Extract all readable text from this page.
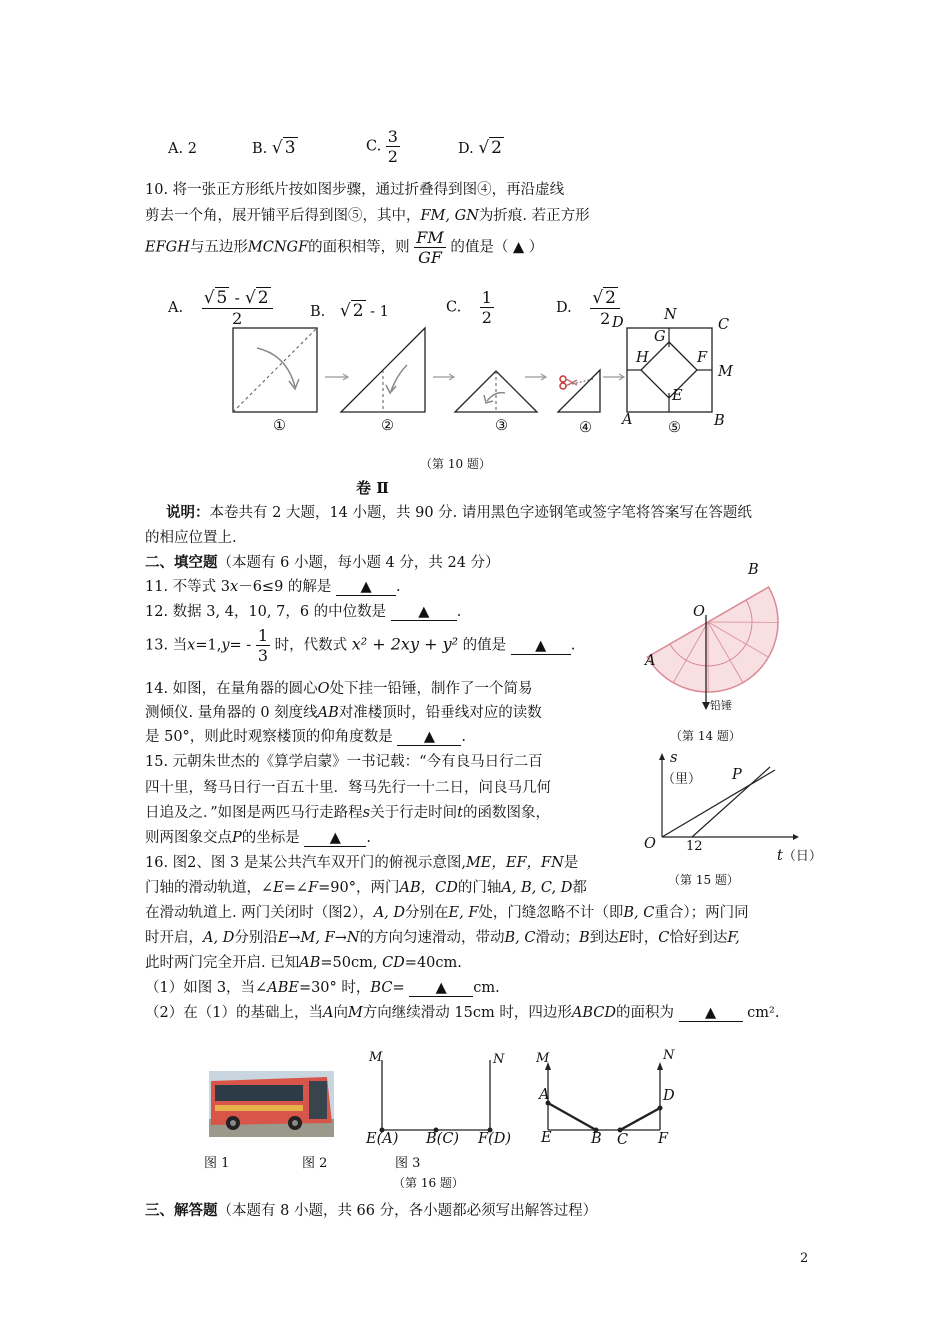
A. 2	B. √ 3	C. $\frac{3}{2}$	D. √ 2
10. 将一张正方形纸片按如图步骤，通过折叠得到图④，再沿虚线
剪去一个角，展开铺平后得到图⑤，其中，FM, GN为折痕. 若正方形
EFGH与五边形MCNGF的面积相等，则 $\frac{FM}{GF}$ 的值是（ ▲ ）
A. $\frac{√ 5 - √ 2}{2}$	B. √ 2 - 1	C. $\frac{1}{2}$	D. $\frac{√ 2}{2}$
①	②	③	④	⑤
D	N
C
G
H	F
M
E
A	B
（第 10 题）
卷 Ⅱ
说明：本卷共有 2 大题，14 小题，共 90 分. 请用黑色字迹钢笔或签字笔将答案写在答题纸
的相应位置上.
二、填空题（本题有 6 小题，每小题 4 分，共 24 分）
11. 不等式 3x－6≤9 的解是 ▲ .
12. 数据 3, 4，10, 7，6 的中位数是 ▲ .
13. 当$x=1,y= - \frac{1}{3}$ 时，代数式 x² + 2xy + y² 的值是 ▲ .
14. 如图，在量角器的圆心O处下挂一铅锤，制作了一个简易
测倾仪. 量角器的 0 刻度线AB对准楼顶时，铅垂线对应的读数
是 50°，则此时观察楼顶的仰角度数是 ▲ .
B
O
A
铅锤
（第 14 题）
15. 元朝朱世杰的《算学启蒙》一书记载：“今有良马日行二百
四十里，驽马日行一百五十里．驽马先行一十二日，问良马几何
日追及之．”如图是两匹马行走路程s关于行走时间t的函数图象，
则两图象交点P的坐标是 ▲ .
s
（里） P
O 12
t（日）
（第 15 题）
16. 图2、图 3 是某公共汽车双开门的俯视示意图,ME，EF，FN是
门轴的滑动轨道，∠E=∠F=90°，两门AB，CD的门轴A, B, C, D都
在滑动轨道上. 两门关闭时（图2），A, D分别在E, F处，门缝忽略不计（即B, C重合）；两门同
时开启，A, D分别沿E→M, F→N的方向匀速滑动，带动B, C滑动；B到达E时，C恰好到达F,
此时两门完全开启. 已知AB=50cm, CD=40cm.
（1）如图 3，当∠ABE=30° 时，BC= ▲ cm.
（2）在（1）的基础上，当A向M方向继续滑动 15cm 时，四边形ABCD的面积为 ▲ cm².
M	N
E(A) B(C) F(D)
M	N
A	D
E	B C F
图 1	图 2	图 3
（第 16 题）
三、解答题（本题有 8 小题，共 66 分，各小题都必须写出解答过程）
2
